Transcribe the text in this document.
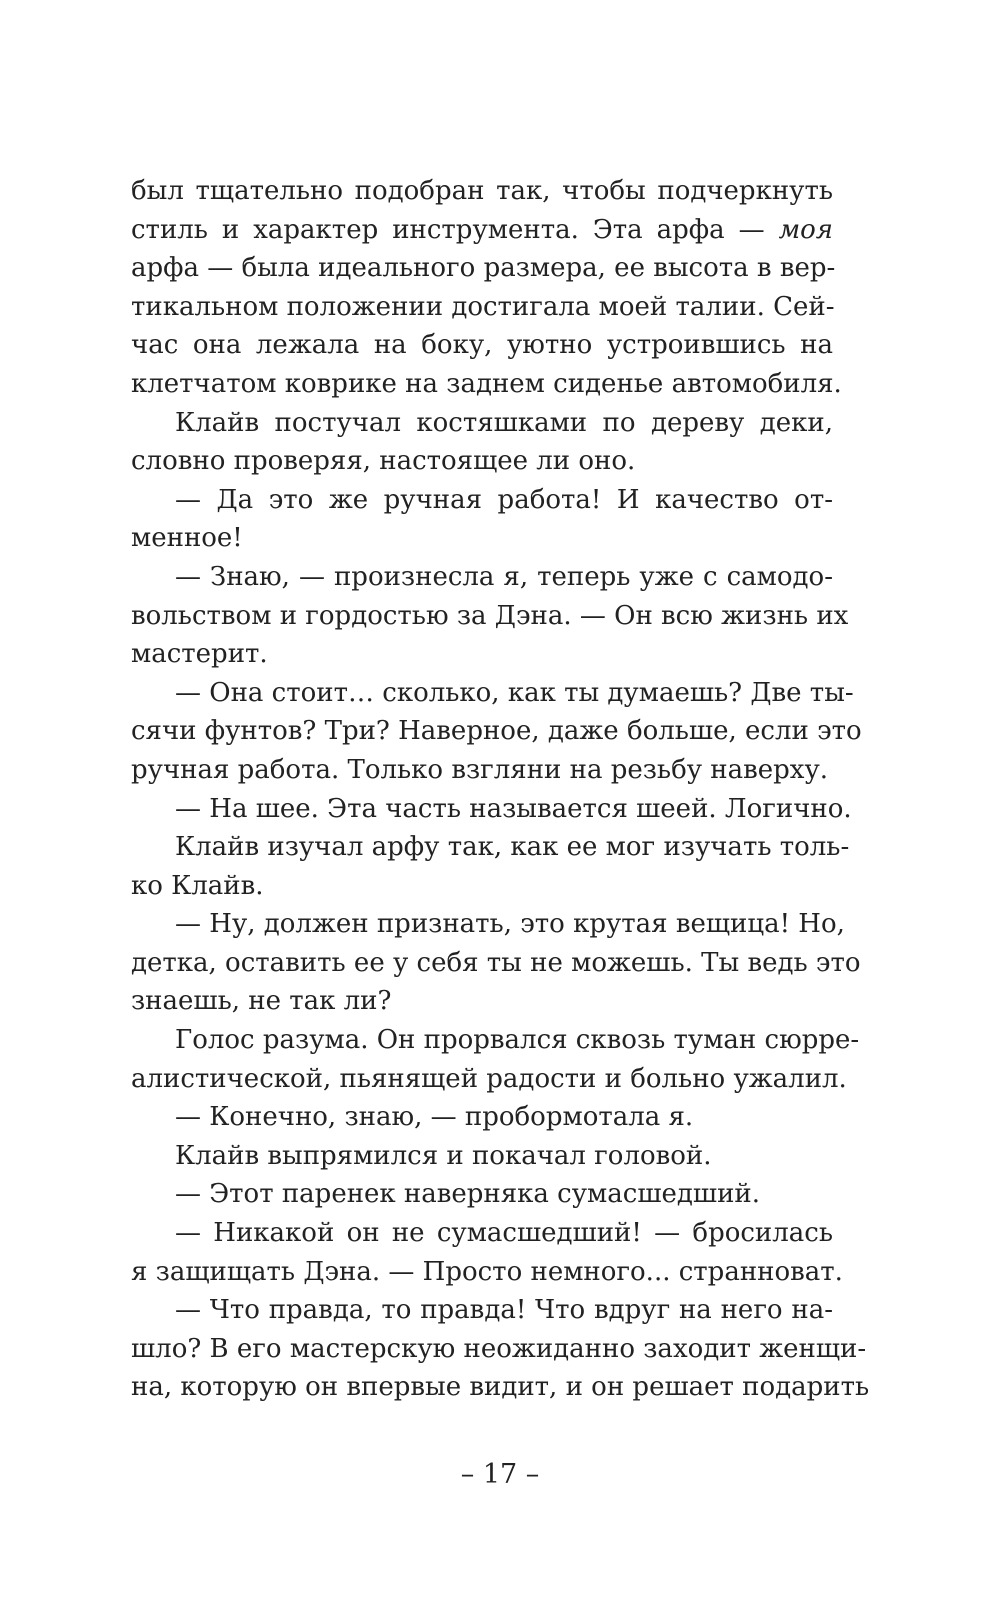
был тщательно подобран так, чтобы подчеркнуть
стиль и характер инструмента. Эта арфа — моя
арфа — была идеального размера, ее высота в вер-
тикальном положении достигала моей талии. Сей-
час она лежала на боку, уютно устроившись на
клетчатом коврике на заднем сиденье автомобиля.
Клайв постучал костяшками по дереву деки,
словно проверяя, настоящее ли оно.
— Да это же ручная работа! И качество от-
менное!
— Знаю, — произнесла я, теперь уже с самодо-
вольством и гордостью за Дэна. — Он всю жизнь их
мастерит.
— Она стоит… сколько, как ты думаешь? Две ты-
сячи фунтов? Три? Наверное, даже больше, если это
ручная работа. Только взгляни на резьбу наверху.
— На шее. Эта часть называется шеей. Логично.
Клайв изучал арфу так, как ее мог изучать толь-
ко Клайв.
— Ну, должен признать, это крутая вещица! Но,
детка, оставить ее у себя ты не можешь. Ты ведь это
знаешь, не так ли?
Голос разума. Он прорвался сквозь туман сюрре-
алистической, пьянящей радости и больно ужалил.
— Конечно, знаю, — пробормотала я.
Клайв выпрямился и покачал головой.
— Этот паренек наверняка сумасшедший.
— Никакой он не сумасшедший! — бросилась
я защищать Дэна. — Просто немного... странноват.
— Что правда, то правда! Что вдруг на него на-
шло? В его мастерскую неожиданно заходит женщи-
на, которую он впервые видит, и он решает подарить
– 17 –
